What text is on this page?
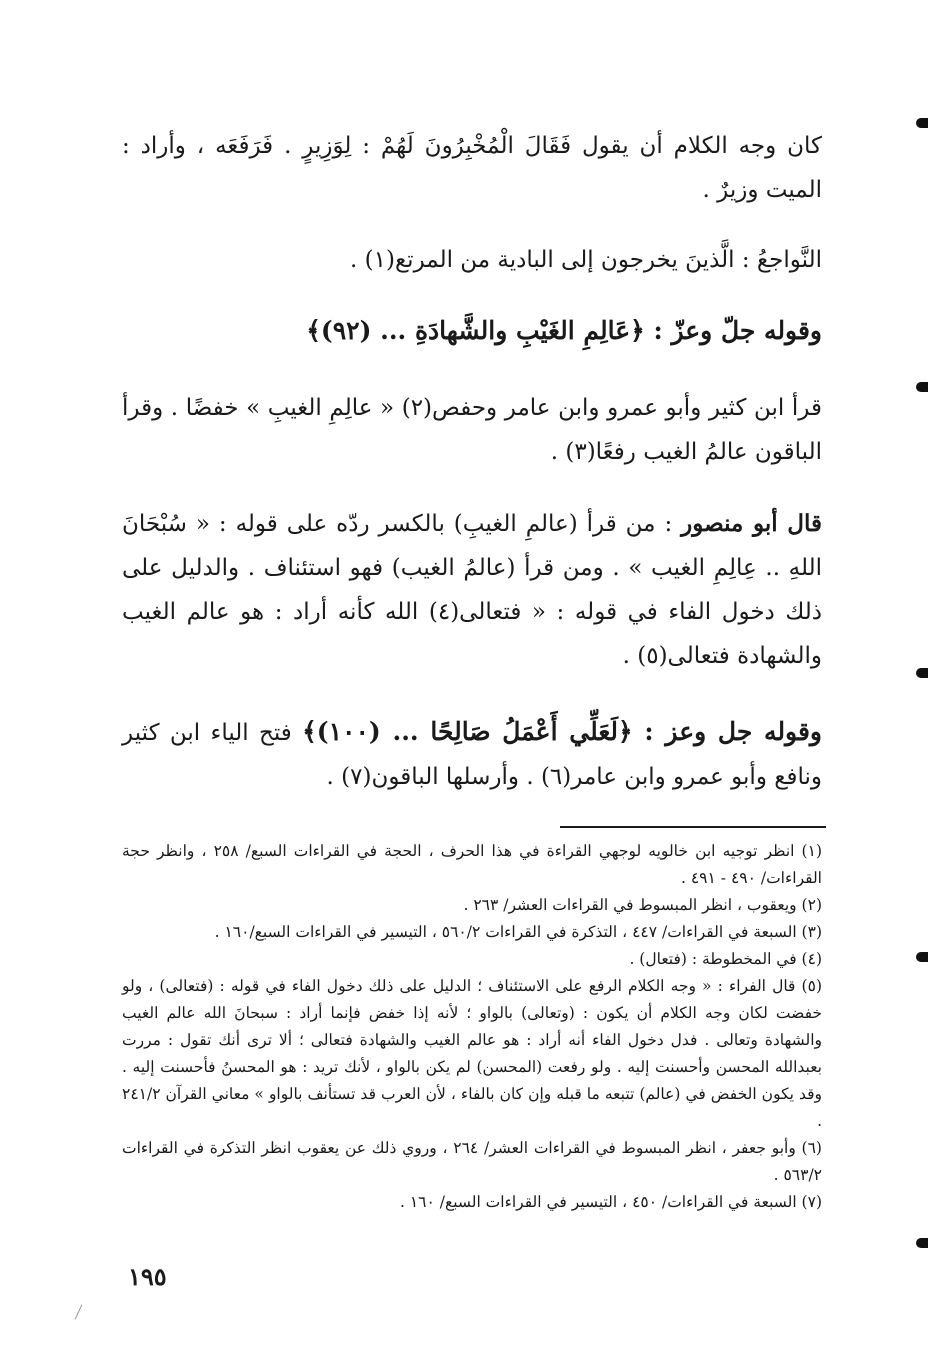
كان وجه الكلام أن يقول فَقَالَ الْمُخْبِرُونَ لَهُمْ : لِوَزِيرٍ . فَرَفَعَه ، وأراد : الميت وزيرٌ .
النَّواجعُ : الَّذينَ يخرجون إلى البادية من المرتع(١) .
وقوله جلّ وعزّ : ﴿عَالِمِ الغَيْبِ والشَّهادَةِ ... (٩٢)﴾
قرأ ابن كثير وأبو عمرو وابن عامر وحفص(٢) « عالِمِ الغيبِ » خفضًا . وقرأ الباقون عالمُ الغيب رفعًا(٣) .
قال أبو منصور : من قرأ (عالمِ الغيبِ) بالكسر ردّه على قوله : « سُبْحَانَ اللهِ .. عِالِمِ الغيب » . ومن قرأ (عالمُ الغيب) فهو استئناف . والدليل على ذلك دخول الفاء في قوله : « فتعالى(٤) الله كأنه أراد : هو عالم الغيب والشهادة فتعالى(٥) .
وقوله جل وعز : ﴿لَعَلِّي أَعْمَلُ صَالِحًا ... (١٠٠)﴾ فتح الياء ابن كثير ونافع وأبو عمرو وابن عامر(٦) . وأرسلها الباقون(٧) .

(١) انظر توجيه ابن خالويه لوجهي القراءة في هذا الحرف ، الحجة في القراءات السبع/ ٢٥٨ ، وانظر حجة القراءات/ ٤٩٠ - ٤٩١ .

(٢) ويعقوب ، انظر المبسوط في القراءات العشر/ ٢٦٣ .

(٣) السبعة في القراءات/ ٤٤٧ ، التذكرة في القراءات ٥٦٠/٢ ، التيسير في القراءات السبع/١٦٠ .

(٤) في المخطوطة : (فتعال) .

(٥) قال الفراء : « وجه الكلام الرفع على الاستئناف ؛ الدليل على ذلك دخول الفاء في قوله : (فتعالى) ، ولو خفضت لكان وجه الكلام أن يكون : (وتعالى) بالواو ؛ لأنه إذا خفض فإنما أراد : سبحانَ الله عالم الغيب والشهادة وتعالى . فدل دخول الفاء أنه أراد : هو عالم الغيب والشهادة فتعالى ؛ ألا ترى أنك تقول : مررت بعبدالله المحسن وأحسنت إليه . ولو رفعت (المحسن) لم يكن بالواو ، لأنك تريد : هو المحسنُ فأحسنت إليه . وقد يكون الخفض في (عالم) تتبعه ما قبله وإن كان بالفاء ، لأن العرب قد تستأنف بالواو » معاني القرآن ٢٤١/٢ .

(٦) وأبو جعفر ، انظر المبسوط في القراءات العشر/ ٢٦٤ ، وروي ذلك عن يعقوب انظر التذكرة في القراءات ٥٦٣/٢ .

(٧) السبعة في القراءات/ ٤٥٠ ، التيسير في القراءات السبع/ ١٦٠ .

١٩٥
